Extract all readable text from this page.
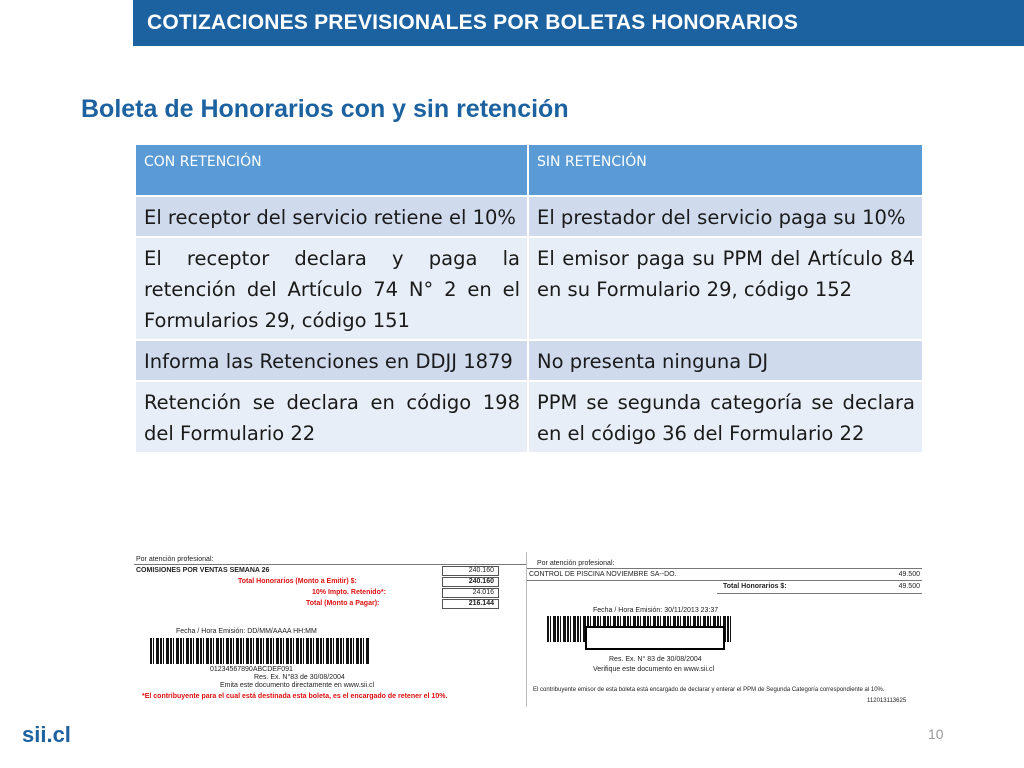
COTIZACIONES PREVISIONALES POR BOLETAS HONORARIOS
Boleta de Honorarios con y sin retención
CON RETENCIÓN	SIN RETENCIÓN
El receptor del servicio retiene el 10%	El prestador del servicio paga su 10%
El receptor declara y paga la retención del Artículo 74 N° 2 en el Formularios 29, código 151	El emisor paga su PPM del Artículo 84 en su Formulario 29, código 152
Informa las Retenciones en DDJJ 1879	No presenta ninguna DJ
Retención se declara en código 198 del Formulario 22	PPM se segunda categoría se declara en el código 36 del Formulario 22
Por atención profesional:
COMISIONES POR VENTAS SEMANA 26	240.160
Total Honorarios (Monto a Emitir) $:	240.160
10% Impto. Retenido*:	24.016
Total (Monto a Pagar):	216.144
Fecha / Hora Emisión: DD/MM/AAAA HH:MM
01234567890ABCDEF091
Res. Ex. N°83 de 30/08/2004
Emita este documento directamente en www.sii.cl
*El contribuyente para el cual está destinada esta boleta, es el encargado de retener el 10%.
Por atención profesional:
CONTROL DE PISCINA NOVIEMBRE SA--DO.	49.500
Total Honorarios $:	49.500
Fecha / Hora Emisión: 30/11/2013 23:37
Res. Ex. N° 83 de 30/08/2004
Verifique este documento en www.sii.cl
El contribuyente emisor de esta boleta está encargado de declarar y enterar el PPM de Segunda Categoría correspondiente al 10%.
112013113625
sii.cl	10
